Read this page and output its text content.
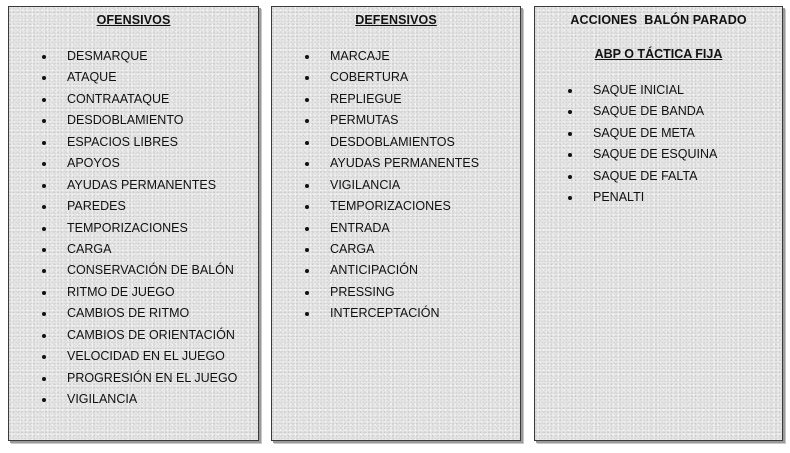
OFENSIVOS
DESMARQUE
ATAQUE
CONTRAATAQUE
DESDOBLAMIENTO
ESPACIOS LIBRES
APOYOS
AYUDAS PERMANENTES
PAREDES
TEMPORIZACIONES
CARGA
CONSERVACIÓN DE BALÓN
RITMO DE JUEGO
CAMBIOS DE RITMO
CAMBIOS DE ORIENTACIÓN
VELOCIDAD EN EL JUEGO
PROGRESIÓN EN EL JUEGO
VIGILANCIA
DEFENSIVOS
MARCAJE
COBERTURA
REPLIEGUE
PERMUTAS
DESDOBLAMIENTOS
AYUDAS PERMANENTES
VIGILANCIA
TEMPORIZACIONES
ENTRADA
CARGA
ANTICIPACIÓN
PRESSING
INTERCEPTACIÓN
ACCIONES  BALÓN PARADO
ABP O TÁCTICA FIJA
SAQUE INICIAL
SAQUE DE BANDA
SAQUE DE META
SAQUE DE ESQUINA
SAQUE DE FALTA
PENALTI
